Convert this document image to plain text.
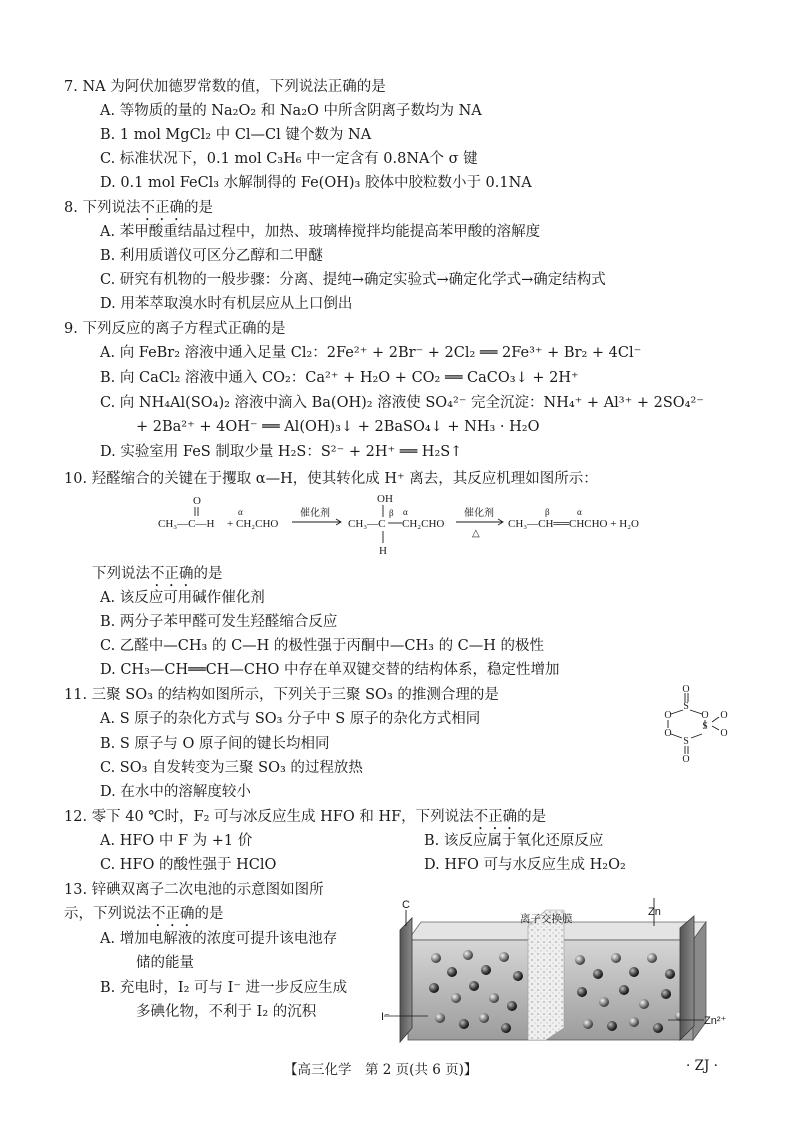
7. NA 为阿伏加德罗常数的值，下列说法正确的是
A. 等物质的量的 Na₂O₂ 和 Na₂O 中所含阴离子数均为 NA
B. 1 mol MgCl₂ 中 Cl—Cl 键个数为 NA
C. 标准状况下，0.1 mol C₃H₆ 中一定含有 0.8NA个 σ 键
D. 0.1 mol FeCl₃ 水解制得的 Fe(OH)₃ 胶体中胶粒数小于 0.1NA
8. 下列说法不正确的是
A. 苯甲酸重结晶过程中，加热、玻璃棒搅拌均能提高苯甲酸的溶解度
B. 利用质谱仪可区分乙醇和二甲醚
C. 研究有机物的一般步骤：分离、提纯→确定实验式→确定化学式→确定结构式
D. 用苯萃取溴水时有机层应从上口倒出
9. 下列反应的离子方程式正确的是
A. 向 FeBr₂ 溶液中通入足量 Cl₂：2Fe²⁺ + 2Br⁻ + 2Cl₂ ══ 2Fe³⁺ + Br₂ + 4Cl⁻
B. 向 CaCl₂ 溶液中通入 CO₂：Ca²⁺ + H₂O + CO₂ ══ CaCO₃↓ + 2H⁺
C. 向 NH₄Al(SO₄)₂ 溶液中滴入 Ba(OH)₂ 溶液使 SO₄²⁻ 完全沉淀：NH₄⁺ + Al³⁺ + 2SO₄²⁻
+ 2Ba²⁺ + 4OH⁻ ══ Al(OH)₃↓ + 2BaSO₄↓ + NH₃ · H₂O
D. 实验室用 FeS 制取少量 H₂S：S²⁻ + 2H⁺ ══ H₂S↑
10. 羟醛缩合的关键在于攫取 α—H，使其转化成 H⁺ 离去，其反应机理如图所示：
O
CH₃—C—H +
α
CH₂CHO
催化剂
OH
β
CH₃—C
α
CH₂CHO
H
催化剂
△
β	α
CH₃—CH══CHCHO + H₂O
下列说法不正确的是
A. 该反应可用碱作催化剂
B. 两分子苯甲醛可发生羟醛缩合反应
C. 乙醛中—CH₃ 的 C—H 的极性强于丙酮中—CH₃ 的 C—H 的极性
D. CH₃—CH══CH—CHO 中存在单双键交替的结构体系，稳定性增加
11. 三聚 SO₃ 的结构如图所示，下列关于三聚 SO₃ 的推测合理的是
A. S 原子的杂化方式与 SO₃ 分子中 S 原子的杂化方式相同
B. S 原子与 O 原子间的键长均相同
C. SO₃ 自发转变为三聚 SO₃ 的过程放热
D. 在水中的溶解度较小
O
S
O	O
O
S
O
O
S
O
12. 零下 40 ℃时，F₂ 可与冰反应生成 HFO 和 HF，下列说法不正确的是
A. HFO 中 F 为 +1 价	B. 该反应属于氧化还原反应
C. HFO 的酸性强于 HClO	D. HFO 可与水反应生成 H₂O₂
13. 锌碘双离子二次电池的示意图如图所
示，下列说法不正确的是
A. 增加电解液的浓度可提升该电池存
储的能量
B. 充电时，I₂ 可与 I⁻ 进一步反应生成
多碘化物，不利于 I₂ 的沉积
C
Zn
离子交换膜
I⁻	Zn²⁺
【高三化学　第 2 页(共 6 页)】	· ZJ ·
